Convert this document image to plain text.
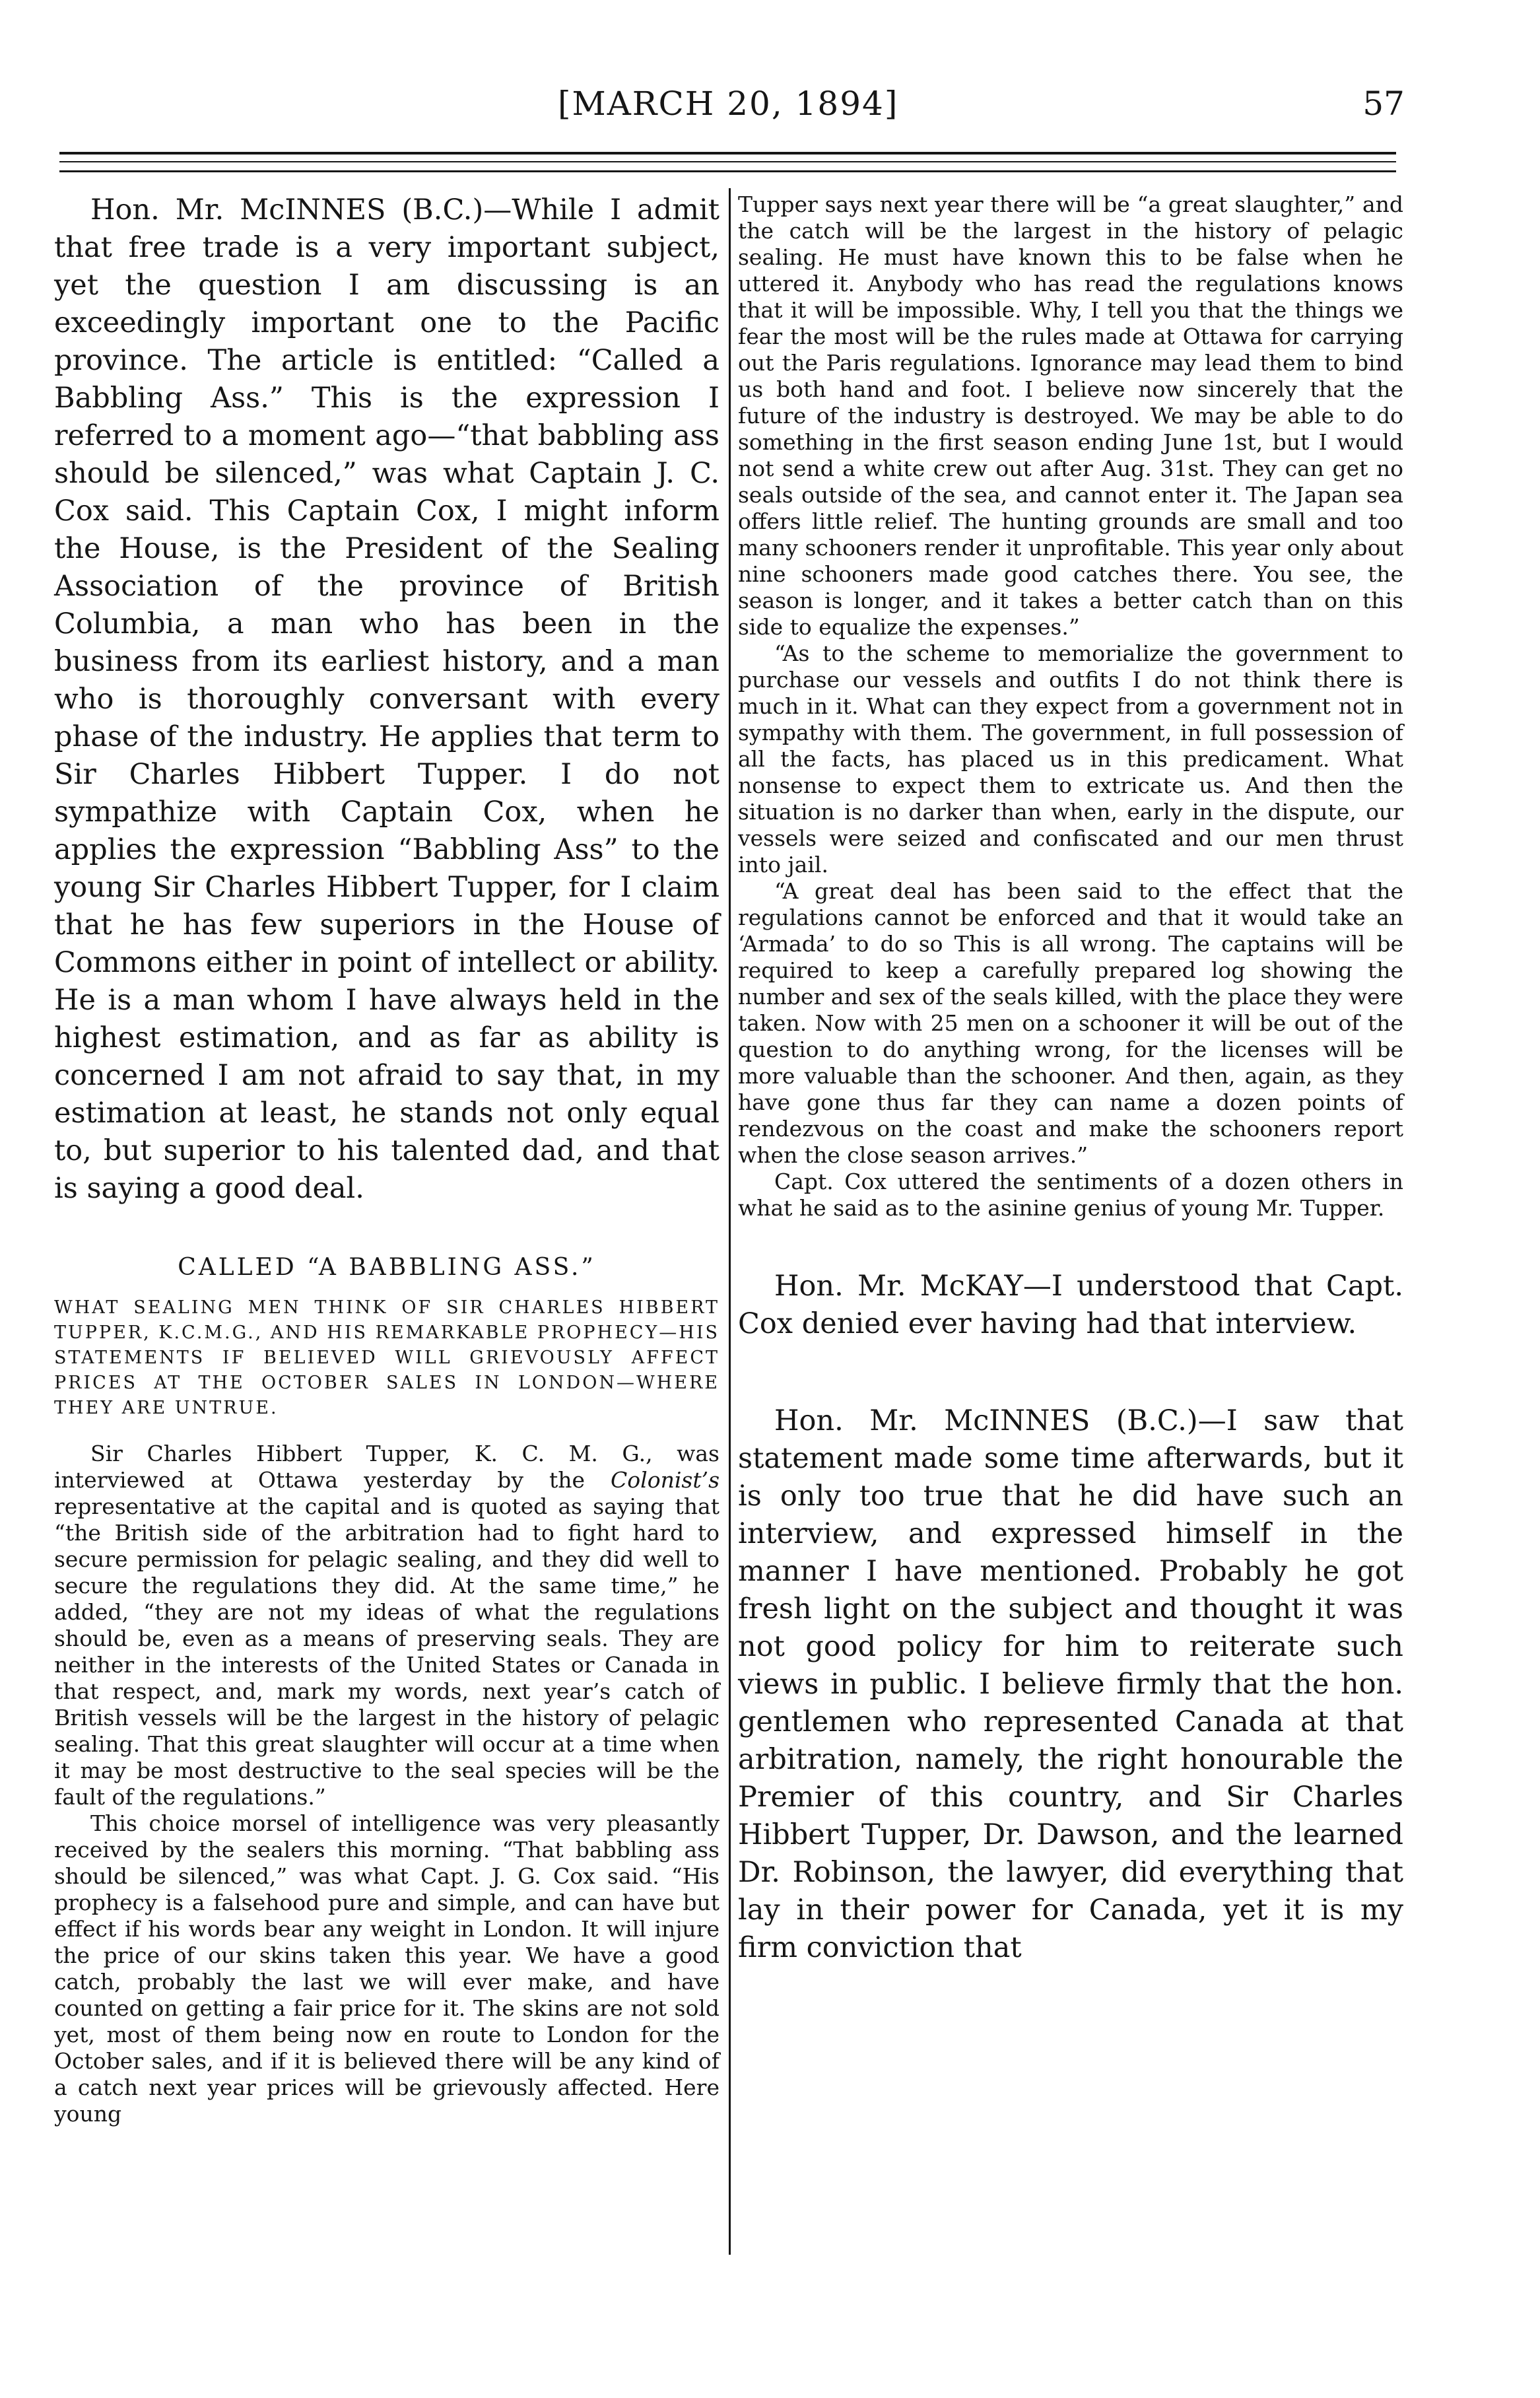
[MARCH 20, 1894]	57

Hon. Mr. McINNES (B.C.)—While I admit that free trade is a very important subject, yet the question I am discussing is an exceedingly important one to the Pacific province. The article is entitled: “Called a Babbling Ass.” This is the expression I referred to a moment ago—“that babbling ass should be silenced,” was what Captain J. C. Cox said. This Captain Cox, I might inform the House, is the President of the Sealing Association of the province of British Columbia, a man who has been in the business from its earliest history, and a man who is thoroughly conversant with every phase of the industry. He applies that term to Sir Charles Hibbert Tupper. I do not sympathize with Captain Cox, when he applies the expression “Babbling Ass” to the young Sir Charles Hibbert Tupper, for I claim that he has few superiors in the House of Commons either in point of intellect or ability. He is a man whom I have always held in the highest estimation, and as far as ability is concerned I am not afraid to say that, in my estimation at least, he stands not only equal to, but superior to his talented dad, and that is saying a good deal.

CALLED “A BABBLING ASS.”

WHAT SEALING MEN THINK OF SIR CHARLES HIBBERT TUPPER, K.C.M.G., AND HIS REMARKABLE PROPHECY—HIS STATEMENTS IF BELIEVED WILL GRIEVOUSLY AFFECT PRICES AT THE OCTOBER SALES IN LONDON—WHERE THEY ARE UNTRUE.

Sir Charles Hibbert Tupper, K. C. M. G., was interviewed at Ottawa yesterday by the Colonist’s representative at the capital and is quoted as saying that “the British side of the arbitration had to fight hard to secure permission for pelagic sealing, and they did well to secure the regulations they did. At the same time,” he added, “they are not my ideas of what the regulations should be, even as a means of preserving seals. They are neither in the interests of the United States or Canada in that respect, and, mark my words, next year’s catch of British vessels will be the largest in the history of pelagic sealing. That this great slaughter will occur at a time when it may be most destructive to the seal species will be the fault of the regulations.”

This choice morsel of intelligence was very pleasantly received by the sealers this morning. “That babbling ass should be silenced,” was what Capt. J. G. Cox said. “His prophecy is a falsehood pure and simple, and can have but effect if his words bear any weight in London. It will injure the price of our skins taken this year. We have a good catch, probably the last we will ever make, and have counted on getting a fair price for it. The skins are not sold yet, most of them being now en route to London for the October sales, and if it is believed there will be any kind of a catch next year prices will be grievously affected. Here young

Tupper says next year there will be “a great slaughter,” and the catch will be the largest in the history of pelagic sealing. He must have known this to be false when he uttered it. Anybody who has read the regulations knows that it will be impossible. Why, I tell you that the things we fear the most will be the rules made at Ottawa for carrying out the Paris regulations. Ignorance may lead them to bind us both hand and foot. I believe now sincerely that the future of the industry is destroyed. We may be able to do something in the first season ending June 1st, but I would not send a white crew out after Aug. 31st. They can get no seals outside of the sea, and cannot enter it. The Japan sea offers little relief. The hunting grounds are small and too many schooners render it unprofitable. This year only about nine schooners made good catches there. You see, the season is longer, and it takes a better catch than on this side to equalize the expenses.”

“As to the scheme to memorialize the government to purchase our vessels and outfits I do not think there is much in it. What can they expect from a government not in sympathy with them. The government, in full possession of all the facts, has placed us in this predicament. What nonsense to expect them to extricate us. And then the situation is no darker than when, early in the dispute, our vessels were seized and confiscated and our men thrust into jail.

“A great deal has been said to the effect that the regulations cannot be enforced and that it would take an ‘Armada’ to do so This is all wrong. The captains will be required to keep a carefully prepared log showing the number and sex of the seals killed, with the place they were taken. Now with 25 men on a schooner it will be out of the question to do anything wrong, for the licenses will be more valuable than the schooner. And then, again, as they have gone thus far they can name a dozen points of rendezvous on the coast and make the schooners report when the close season arrives.”

Capt. Cox uttered the sentiments of a dozen others in what he said as to the asinine genius of young Mr. Tupper.

Hon. Mr. McKAY—I understood that Capt. Cox denied ever having had that interview.

Hon. Mr. McINNES (B.C.)—I saw that statement made some time afterwards, but it is only too true that he did have such an interview, and expressed himself in the manner I have mentioned. Probably he got fresh light on the subject and thought it was not good policy for him to reiterate such views in public. I believe firmly that the hon. gentlemen who represented Canada at that arbitration, namely, the right honourable the Premier of this country, and Sir Charles Hibbert Tupper, Dr. Dawson, and the learned Dr. Robinson, the lawyer, did everything that lay in their power for Canada, yet it is my firm conviction that
